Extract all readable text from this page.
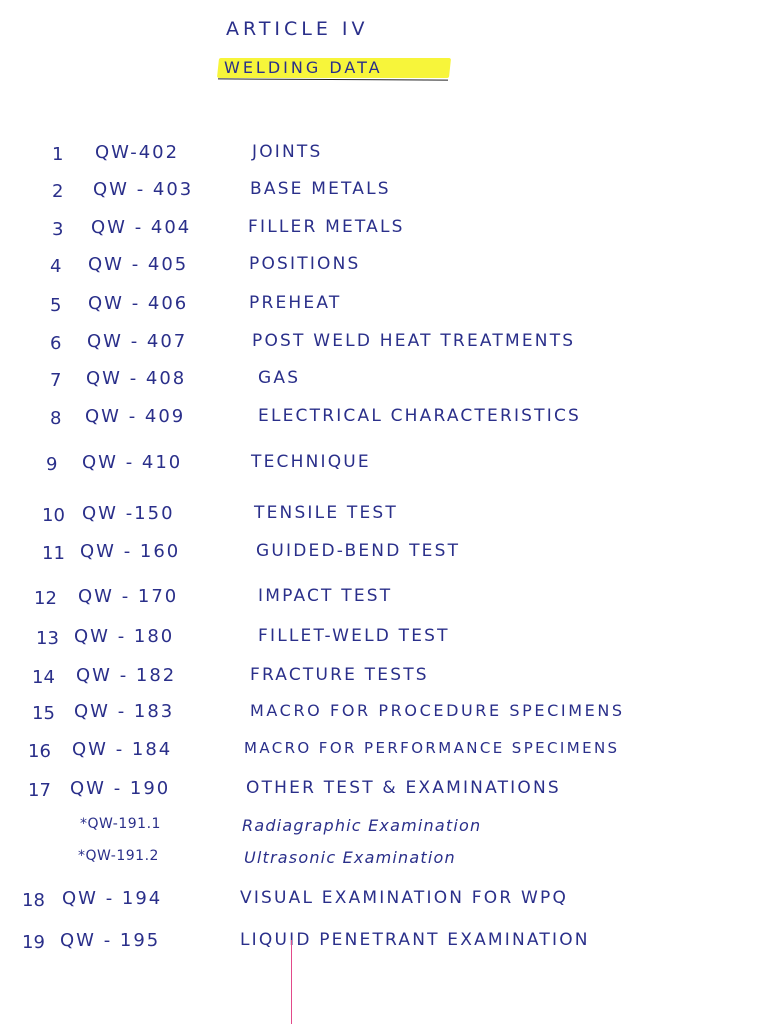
ARTICLE IV
WELDING DATA
1 QW-402	JOINTS
2 QW - 403	BASE METALS
3 QW - 404	FILLER METALS
4 QW - 405	POSITIONS
5 QW - 406	PREHEAT
6 QW - 407	POST WELD HEAT TREATMENTS
7 QW - 408	GAS
8 QW - 409	ELECTRICAL CHARACTERISTICS
9 QW - 410	TECHNIQUE
10 QW -150	TENSILE TEST
11 QW - 160	GUIDED-BEND TEST
12 QW - 170	IMPACT TEST
13 QW - 180	FILLET-WELD TEST
14 QW - 182	FRACTURE TESTS
15 QW - 183	MACRO FOR PROCEDURE SPECIMENS
16 QW - 184	MACRO FOR PERFORMANCE SPECIMENS
17 QW - 190	OTHER TEST & EXAMINATIONS
*QW-191.1	Radiagraphic Examination
*QW-191.2	Ultrasonic Examination
18 QW - 194	VISUAL EXAMINATION FOR WPQ
19 QW - 195	LIQUID PENETRANT EXAMINATION
